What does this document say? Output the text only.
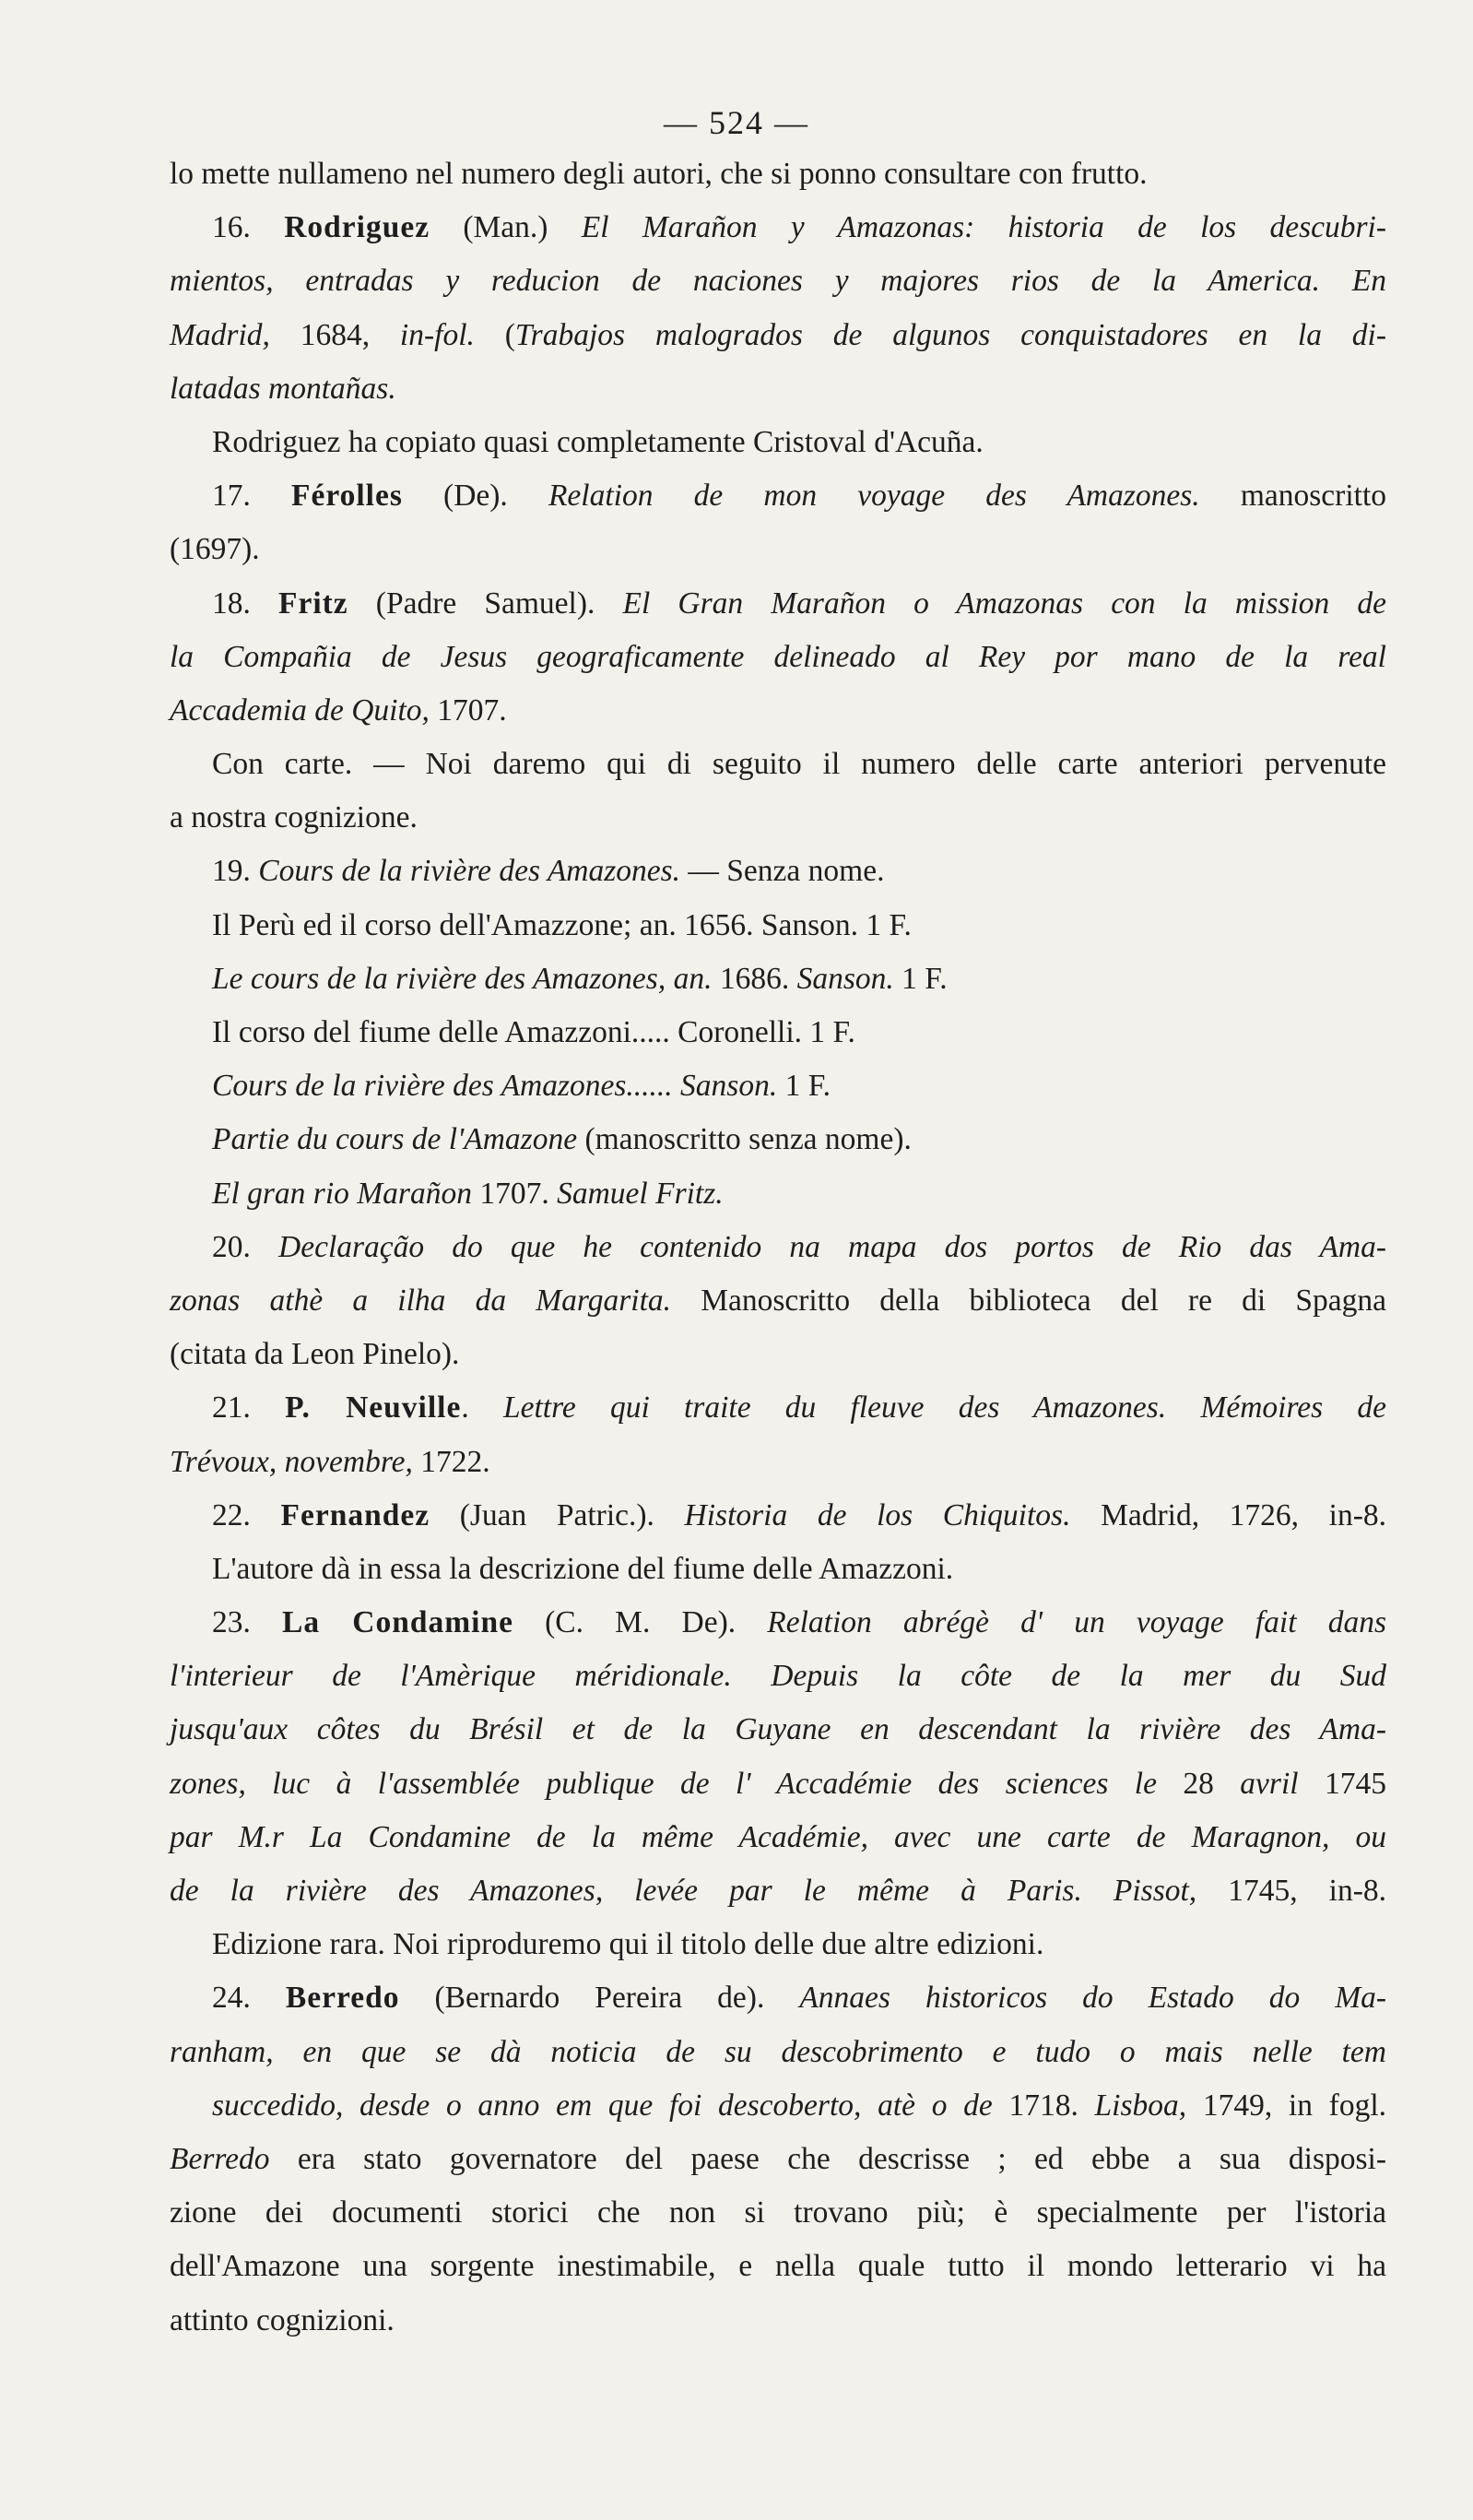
— 524 —
lo mette nullameno nel numero degli autori, che si ponno consultare con frutto.
16. Rodriguez (Man.) El Marañon y Amazonas: historia de los descubri-
mientos, entradas y reducion de naciones y majores rios de la America. En
Madrid, 1684, in-fol. (Trabajos malogrados de algunos conquistadores en la di-
latadas montañas.
Rodriguez ha copiato quasi completamente Cristoval d'Acuña.
17. Férolles (De). Relation de mon voyage des Amazones. manoscritto
(1697).
18. Fritz (Padre Samuel). El Gran Marañon o Amazonas con la mission de
la Compañia de Jesus geograficamente delineado al Rey por mano de la real
Accademia de Quito, 1707.
Con carte. — Noi daremo qui di seguito il numero delle carte anteriori pervenute
a nostra cognizione.
19. Cours de la rivière des Amazones. — Senza nome.
Il Perù ed il corso dell'Amazzone; an. 1656. Sanson. 1 F.
Le cours de la rivière des Amazones, an. 1686. Sanson. 1 F.
Il corso del fiume delle Amazzoni..... Coronelli. 1 F.
Cours de la rivière des Amazones...... Sanson. 1 F.
Partie du cours de l'Amazone (manoscritto senza nome).
El gran rio Marañon 1707. Samuel Fritz.
20. Declaração do que he contenido na mapa dos portos de Rio das Ama-
zonas athè a ilha da Margarita. Manoscritto della biblioteca del re di Spagna
(citata da Leon Pinelo).
21. P. Neuville. Lettre qui traite du fleuve des Amazones. Mémoires de
Trévoux, novembre, 1722.
22. Fernandez (Juan Patric.). Historia de los Chiquitos. Madrid, 1726, in-8.
L'autore dà in essa la descrizione del fiume delle Amazzoni.
23. La Condamine (C. M. De). Relation abrégè d' un voyage fait dans
l'interieur de l'Amèrique méridionale. Depuis la côte de la mer du Sud
jusqu'aux côtes du Brésil et de la Guyane en descendant la rivière des Ama-
zones, luc à l'assemblée publique de l' Accadémie des sciences le 28 avril 1745
par M.r La Condamine de la même Académie, avec une carte de Maragnon, ou
de la rivière des Amazones, levée par le même à Paris. Pissot, 1745, in-8.
Edizione rara. Noi riproduremo qui il titolo delle due altre edizioni.
24. Berredo (Bernardo Pereira de). Annaes historicos do Estado do Ma-
ranham, en que se dà noticia de su descobrimento e tudo o mais nelle tem
succedido, desde o anno em que foi descoberto, atè o de 1718. Lisboa, 1749, in fogl.
Berredo era stato governatore del paese che descrisse ; ed ebbe a sua disposi-
zione dei documenti storici che non si trovano più; è specialmente per l'istoria
dell'Amazone una sorgente inestimabile, e nella quale tutto il mondo letterario vi ha
attinto cognizioni.
